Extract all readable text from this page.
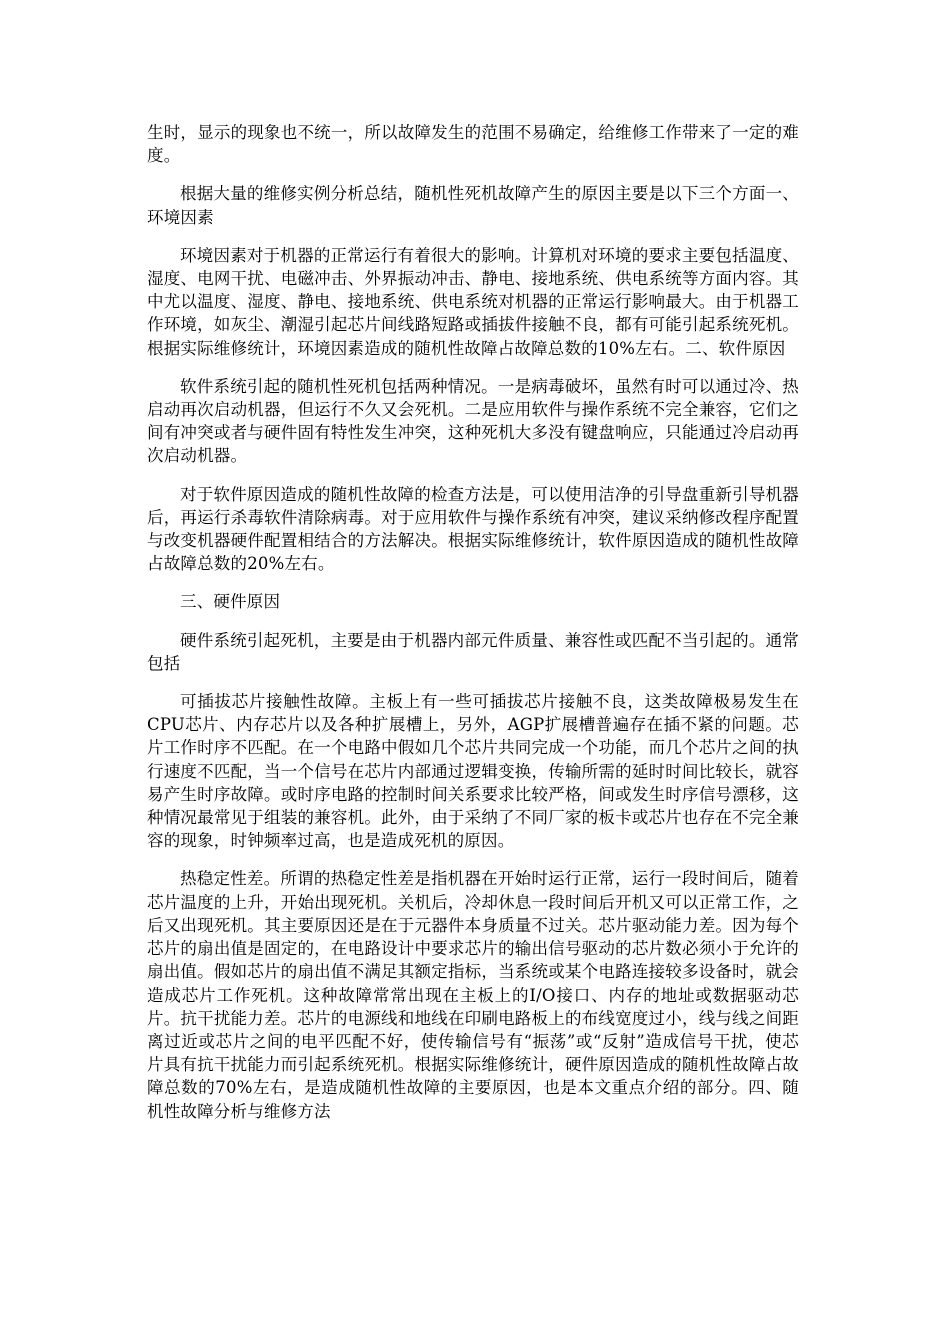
生时，显示的现象也不统一，所以故障发生的范围不易确定，给维修工作带来了一定的难度。

根据大量的维修实例分析总结，随机性死机故障产生的原因主要是以下三个方面一、环境因素

环境因素对于机器的正常运行有着很大的影响。计算机对环境的要求主要包括温度、湿度、电网干扰、电磁冲击、外界振动冲击、静电、接地系统、供电系统等方面内容。其中尤以温度、湿度、静电、接地系统、供电系统对机器的正常运行影响最大。由于机器工作环境，如灰尘、潮湿引起芯片间线路短路或插拔件接触不良，都有可能引起系统死机。根据实际维修统计，环境因素造成的随机性故障占故障总数的10%左右。二、软件原因

软件系统引起的随机性死机包括两种情况。一是病毒破坏，虽然有时可以通过冷、热启动再次启动机器，但运行不久又会死机。二是应用软件与操作系统不完全兼容，它们之间有冲突或者与硬件固有特性发生冲突，这种死机大多没有键盘响应，只能通过冷启动再次启动机器。

对于软件原因造成的随机性故障的检查方法是，可以使用洁净的引导盘重新引导机器后，再运行杀毒软件清除病毒。对于应用软件与操作系统有冲突，建议采纳修改程序配置与改变机器硬件配置相结合的方法解决。根据实际维修统计，软件原因造成的随机性故障占故障总数的20%左右。

三、硬件原因

硬件系统引起死机，主要是由于机器内部元件质量、兼容性或匹配不当引起的。通常包括

可插拔芯片接触性故障。主板上有一些可插拔芯片接触不良，这类故障极易发生在CPU芯片、内存芯片以及各种扩展槽上，另外，AGP扩展槽普遍存在插不紧的问题。芯片工作时序不匹配。在一个电路中假如几个芯片共同完成一个功能，而几个芯片之间的执行速度不匹配，当一个信号在芯片内部通过逻辑变换，传输所需的延时时间比较长，就容易产生时序故障。或时序电路的控制时间关系要求比较严格，间或发生时序信号漂移，这种情况最常见于组装的兼容机。此外，由于采纳了不同厂家的板卡或芯片也存在不完全兼容的现象，时钟频率过高，也是造成死机的原因。

热稳定性差。所谓的热稳定性差是指机器在开始时运行正常，运行一段时间后，随着芯片温度的上升，开始出现死机。关机后，冷却休息一段时间后开机又可以正常工作，之后又出现死机。其主要原因还是在于元器件本身质量不过关。芯片驱动能力差。因为每个芯片的扇出值是固定的，在电路设计中要求芯片的输出信号驱动的芯片数必须小于允许的扇出值。假如芯片的扇出值不满足其额定指标，当系统或某个电路连接较多设备时，就会造成芯片工作死机。这种故障常常出现在主板上的I/O接口、内存的地址或数据驱动芯片。抗干扰能力差。芯片的电源线和地线在印刷电路板上的布线宽度过小，线与线之间距离过近或芯片之间的电平匹配不好，使传输信号有“振荡”或“反射”造成信号干扰，使芯片具有抗干扰能力而引起系统死机。根据实际维修统计，硬件原因造成的随机性故障占故障总数的70%左右，是造成随机性故障的主要原因，也是本文重点介绍的部分。四、随机性故障分析与维修方法
